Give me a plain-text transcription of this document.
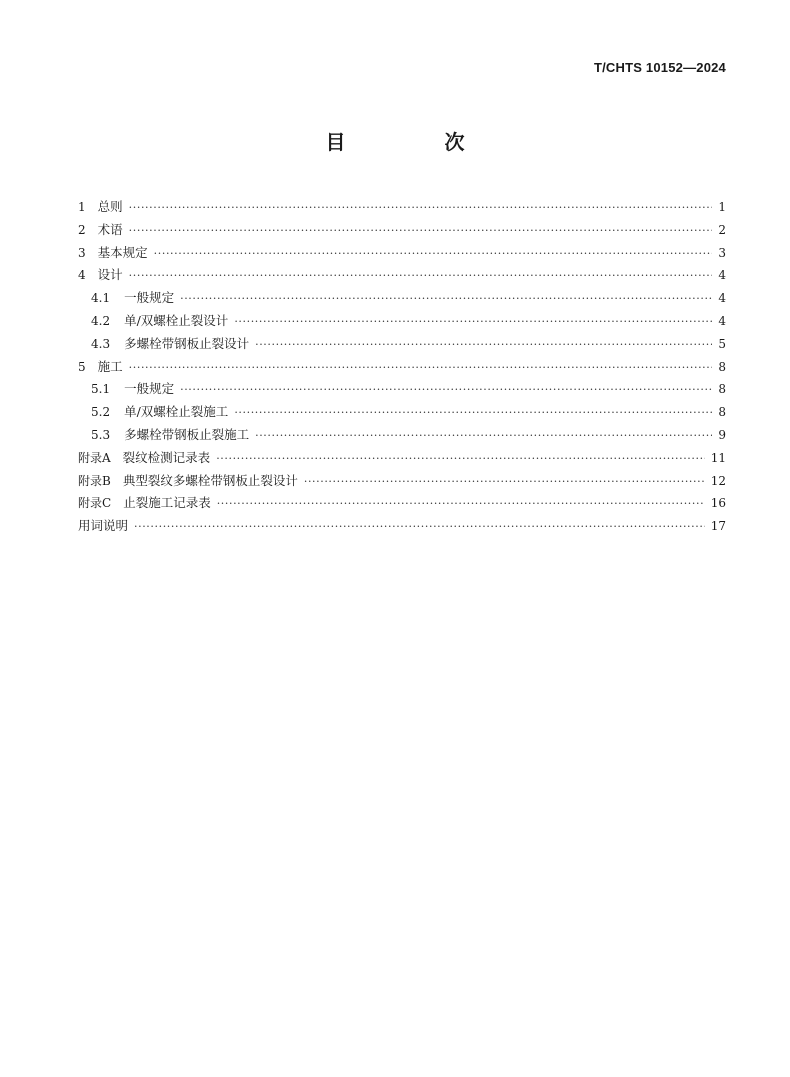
T/CHTS 10152—2024
目 次
1 总则 ·····	1
2 术语 ·····	2
3 基本规定 ·····	3
4 设计 ·····	4
4.1 一般规定 ·····	4
4.2 单/双螺栓止裂设计 ·····	4
4.3 多螺栓带钢板止裂设计 ·····	5
5 施工 ·····	8
5.1 一般规定 ·····	8
5.2 单/双螺栓止裂施工 ·····	8
5.3 多螺栓带钢板止裂施工 ·····	9
附录A 裂纹检测记录表 ·····	11
附录B 典型裂纹多螺栓带钢板止裂设计 ·····	12
附录C 止裂施工记录表 ·····	16
用词说明 ·····	17
